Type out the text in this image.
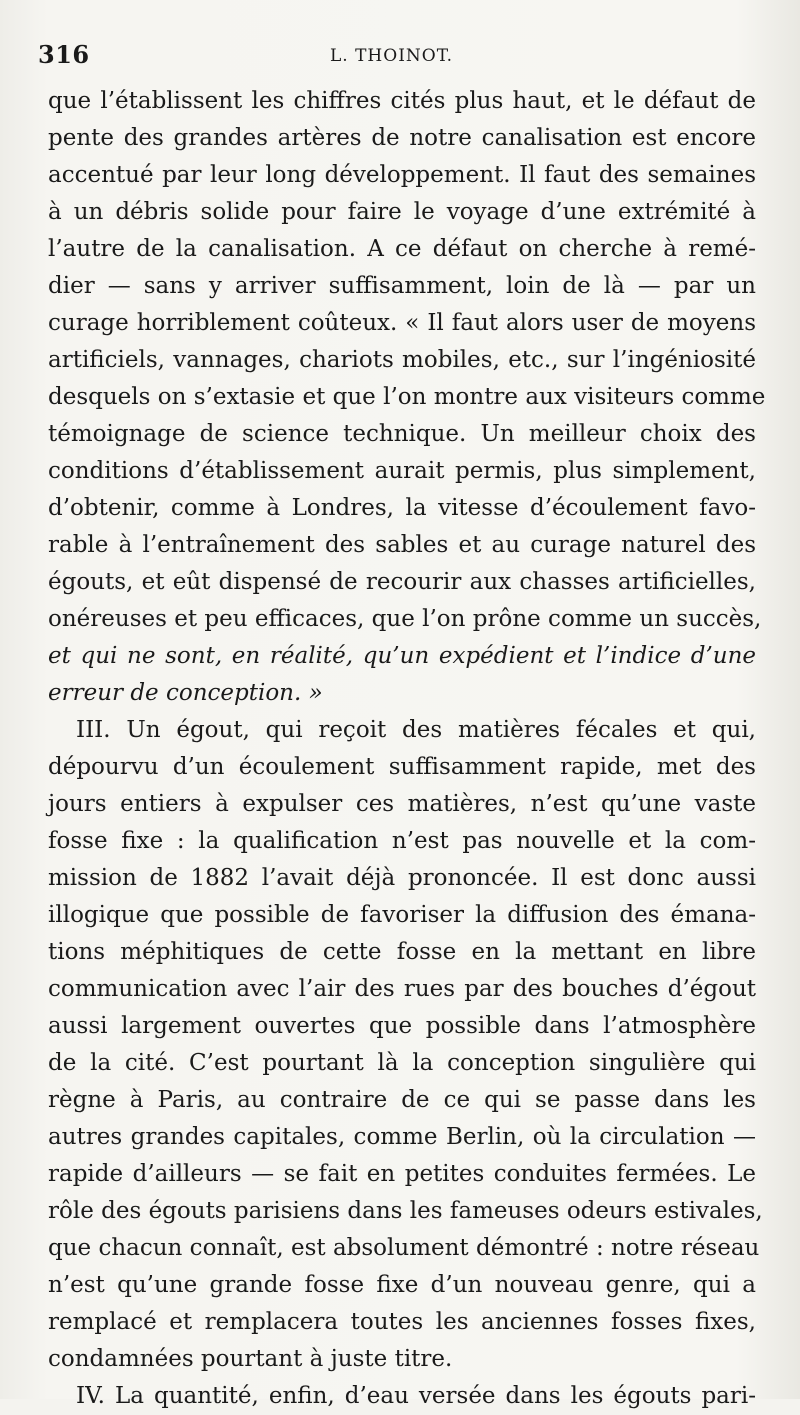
316	L. THOINOT.
que l’établissent les chiffres cités plus haut, et le défaut de
pente des grandes artères de notre canalisation est encore
accentué par leur long développement. Il faut des semaines
à un débris solide pour faire le voyage d’une extrémité à
l’autre de la canalisation. A ce défaut on cherche à remé-
dier — sans y arriver suffisamment, loin de là — par un
curage horriblement coûteux. « Il faut alors user de moyens
artificiels, vannages, chariots mobiles, etc., sur l’ingéniosité
desquels on s’extasie et que l’on montre aux visiteurs comme
témoignage de science technique. Un meilleur choix des
conditions d’établissement aurait permis, plus simplement,
d’obtenir, comme à Londres, la vitesse d’écoulement favo-
rable à l’entraînement des sables et au curage naturel des
égouts, et eût dispensé de recourir aux chasses artificielles,
onéreuses et peu efficaces, que l’on prône comme un succès,
et qui ne sont, en réalité, qu’un expédient et l’indice d’une
erreur de conception. »
III. Un égout, qui reçoit des matières fécales et qui,
dépourvu d’un écoulement suffisamment rapide, met des
jours entiers à expulser ces matières, n’est qu’une vaste
fosse fixe : la qualification n’est pas nouvelle et la com-
mission de 1882 l’avait déjà prononcée. Il est donc aussi
illogique que possible de favoriser la diffusion des émana-
tions méphitiques de cette fosse en la mettant en libre
communication avec l’air des rues par des bouches d’égout
aussi largement ouvertes que possible dans l’atmosphère
de la cité. C’est pourtant là la conception singulière qui
règne à Paris, au contraire de ce qui se passe dans les
autres grandes capitales, comme Berlin, où la circulation —
rapide d’ailleurs — se fait en petites conduites fermées. Le
rôle des égouts parisiens dans les fameuses odeurs estivales,
que chacun connaît, est absolument démontré : notre réseau
n’est qu’une grande fosse fixe d’un nouveau genre, qui a
remplacé et remplacera toutes les anciennes fosses fixes,
condamnées pourtant à juste titre.
IV. La quantité, enfin, d’eau versée dans les égouts pari-
